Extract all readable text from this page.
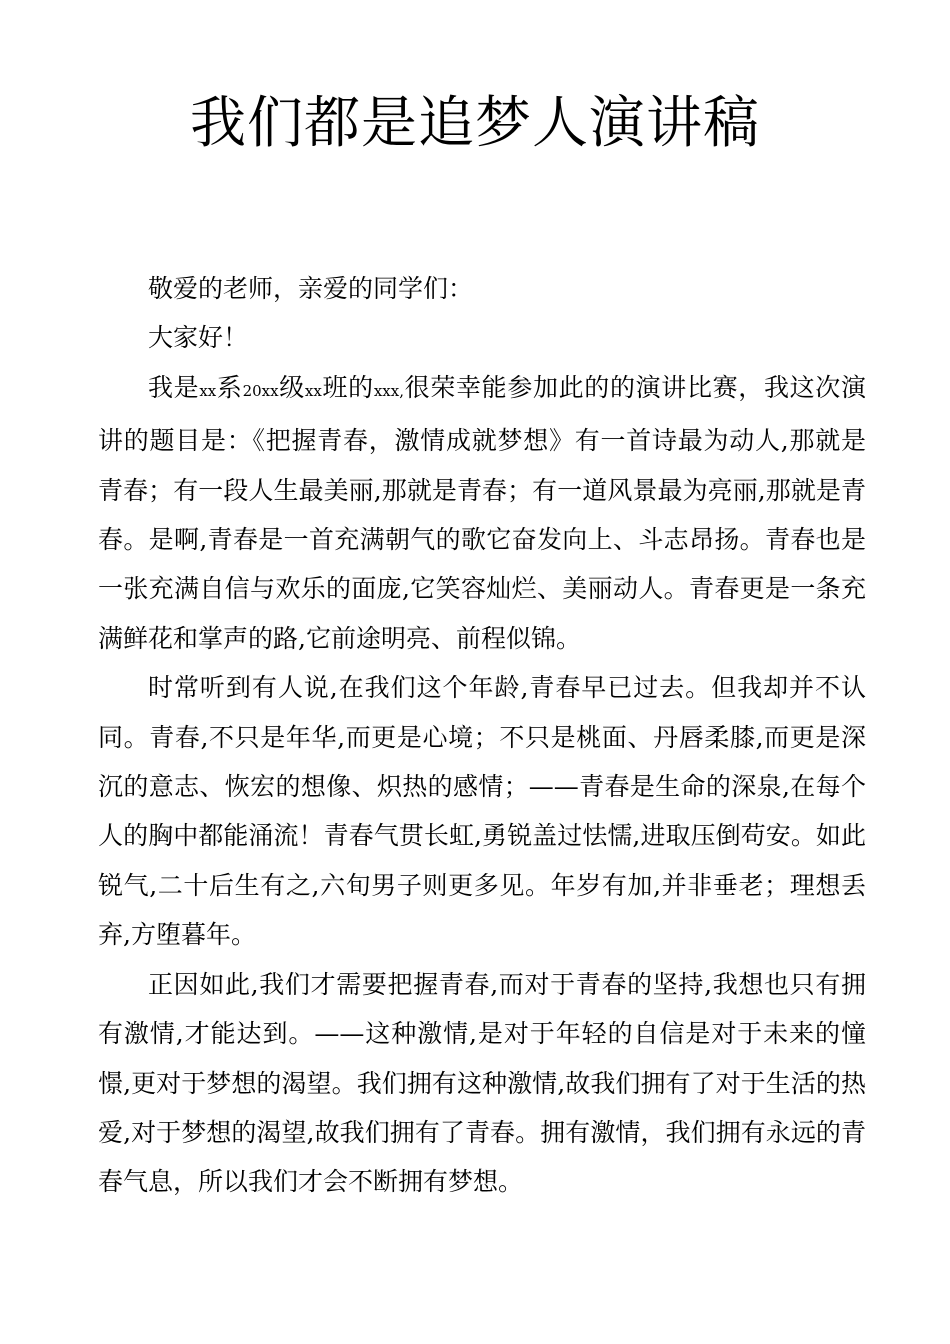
我们都是追梦人演讲稿

敬爱的老师，亲爱的同学们：

大家好！

我是xx系20xx级xx班的xxx,很荣幸能参加此的的演讲比赛，我这次演讲的题目是：《把握青春，激情成就梦想》有一首诗最为动人,那就是青春；有一段人生最美丽,那就是青春；有一道风景最为亮丽,那就是青春。是啊,青春是一首充满朝气的歌它奋发向上、斗志昂扬。青春也是一张充满自信与欢乐的面庞,它笑容灿烂、美丽动人。青春更是一条充满鲜花和掌声的路,它前途明亮、前程似锦。

时常听到有人说,在我们这个年龄,青春早已过去。但我却并不认同。青春,不只是年华,而更是心境；不只是桃面、丹唇柔膝,而更是深沉的意志、恢宏的想像、炽热的感情；——青春是生命的深泉,在每个人的胸中都能涌流！青春气贯长虹,勇锐盖过怯懦,进取压倒苟安。如此锐气,二十后生有之,六旬男子则更多见。年岁有加,并非垂老；理想丢弃,方堕暮年。

正因如此,我们才需要把握青春,而对于青春的坚持,我想也只有拥有激情,才能达到。——这种激情,是对于年轻的自信是对于未来的憧憬,更对于梦想的渴望。我们拥有这种激情,故我们拥有了对于生活的热爱,对于梦想的渴望,故我们拥有了青春。拥有激情，我们拥有永远的青春气息，所以我们才会不断拥有梦想。
